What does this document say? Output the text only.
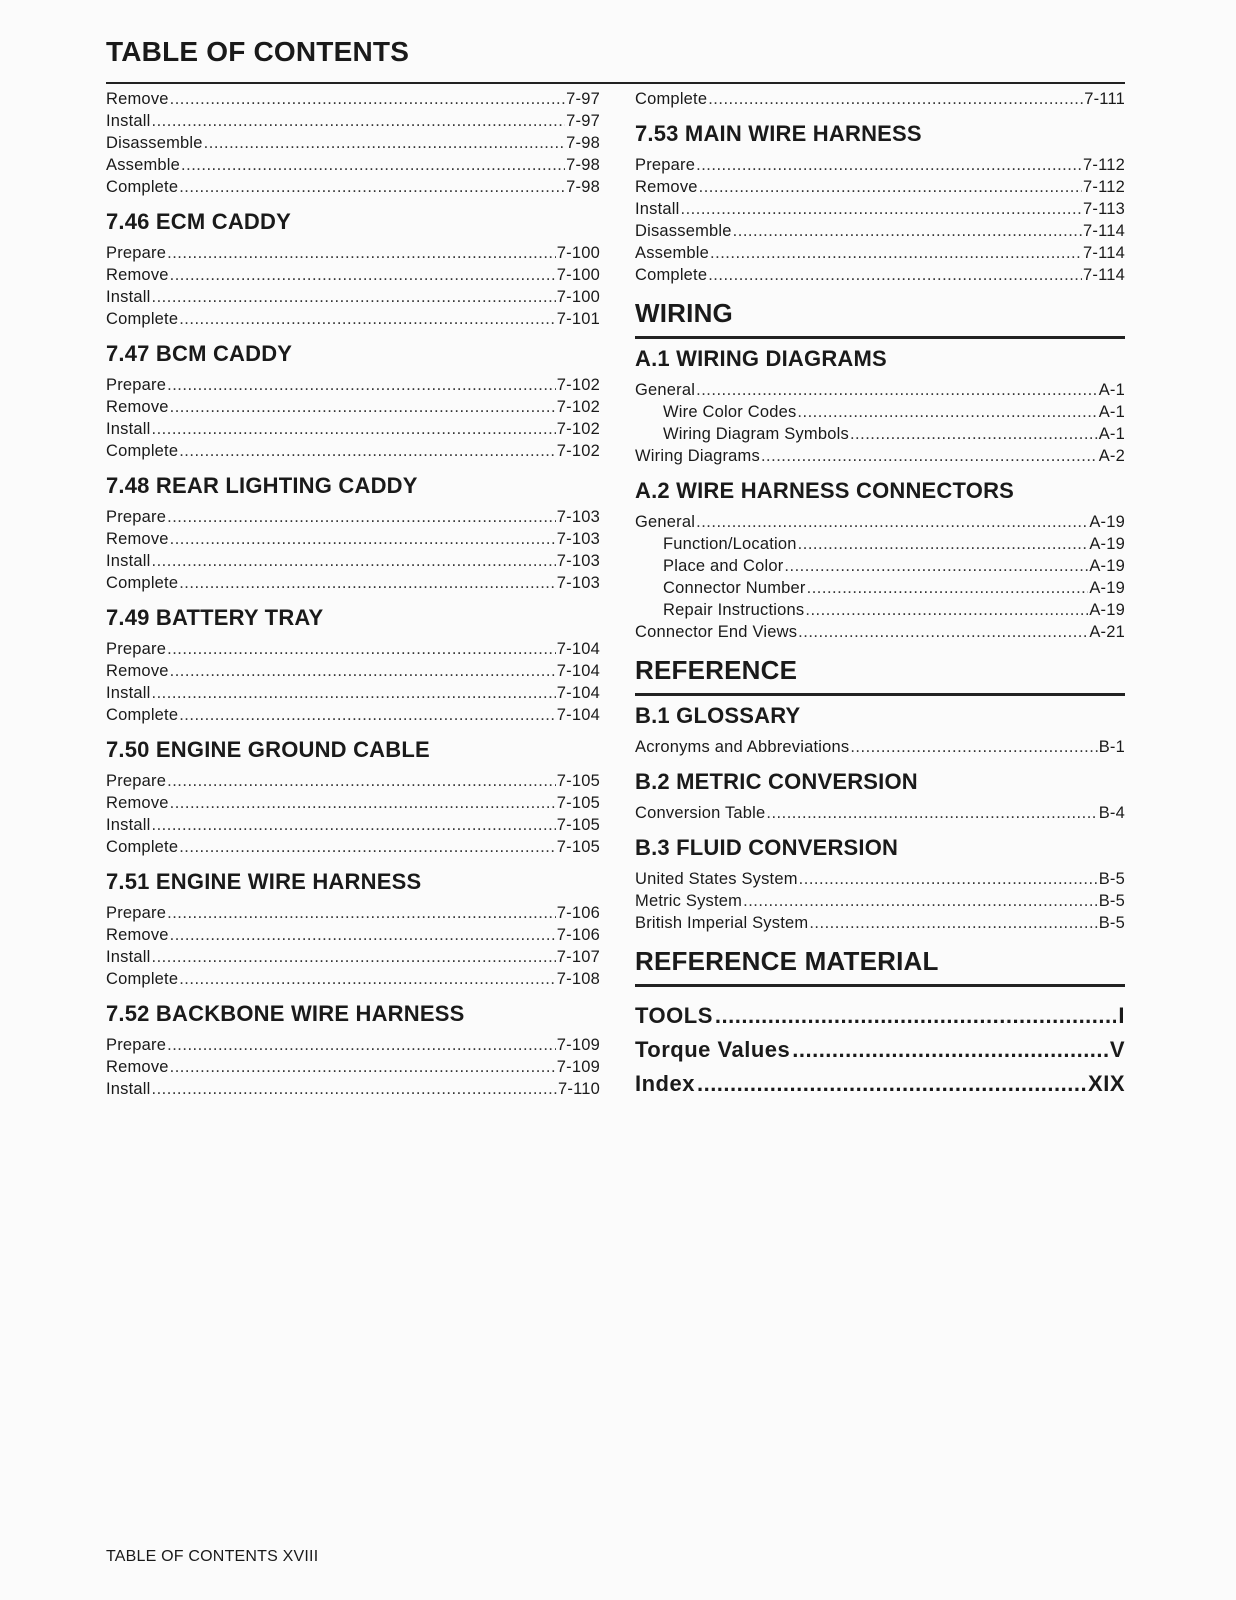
TABLE OF CONTENTS
Remove .....	7-97
Install .....	7-97
Disassemble .....	7-98
Assemble .....	7-98
Complete .....	7-98
7.46 ECM CADDY
Prepare .....	7-100
Remove .....	7-100
Install .....	7-100
Complete .....	7-101
7.47 BCM CADDY
Prepare .....	7-102
Remove .....	7-102
Install .....	7-102
Complete .....	7-102
7.48 REAR LIGHTING CADDY
Prepare .....	7-103
Remove .....	7-103
Install .....	7-103
Complete .....	7-103
7.49 BATTERY TRAY
Prepare .....	7-104
Remove .....	7-104
Install .....	7-104
Complete .....	7-104
7.50 ENGINE GROUND CABLE
Prepare .....	7-105
Remove .....	7-105
Install .....	7-105
Complete .....	7-105
7.51 ENGINE WIRE HARNESS
Prepare .....	7-106
Remove .....	7-106
Install .....	7-107
Complete .....	7-108
7.52 BACKBONE WIRE HARNESS
Prepare .....	7-109
Remove .....	7-109
Install .....	7-110
Complete .....	7-111
7.53 MAIN WIRE HARNESS
Prepare .....	7-112
Remove .....	7-112
Install .....	7-113
Disassemble .....	7-114
Assemble .....	7-114
Complete .....	7-114
WIRING
A.1 WIRING DIAGRAMS
General .....	A-1
Wire Color Codes .....	A-1
Wiring Diagram Symbols .....	A-1
Wiring Diagrams .....	A-2
A.2 WIRE HARNESS CONNECTORS
General .....	A-19
Function/Location .....	A-19
Place and Color .....	A-19
Connector Number .....	A-19
Repair Instructions .....	A-19
Connector End Views .....	A-21
REFERENCE
B.1 GLOSSARY
Acronyms and Abbreviations .....	B-1
B.2 METRIC CONVERSION
Conversion Table .....	B-4
B.3 FLUID CONVERSION
United States System .....	B-5
Metric System .....	B-5
British Imperial System .....	B-5
REFERENCE MATERIAL
TOOLS .....	I
Torque Values .....	V
Index .....	XIX
TABLE OF CONTENTS XVIII
